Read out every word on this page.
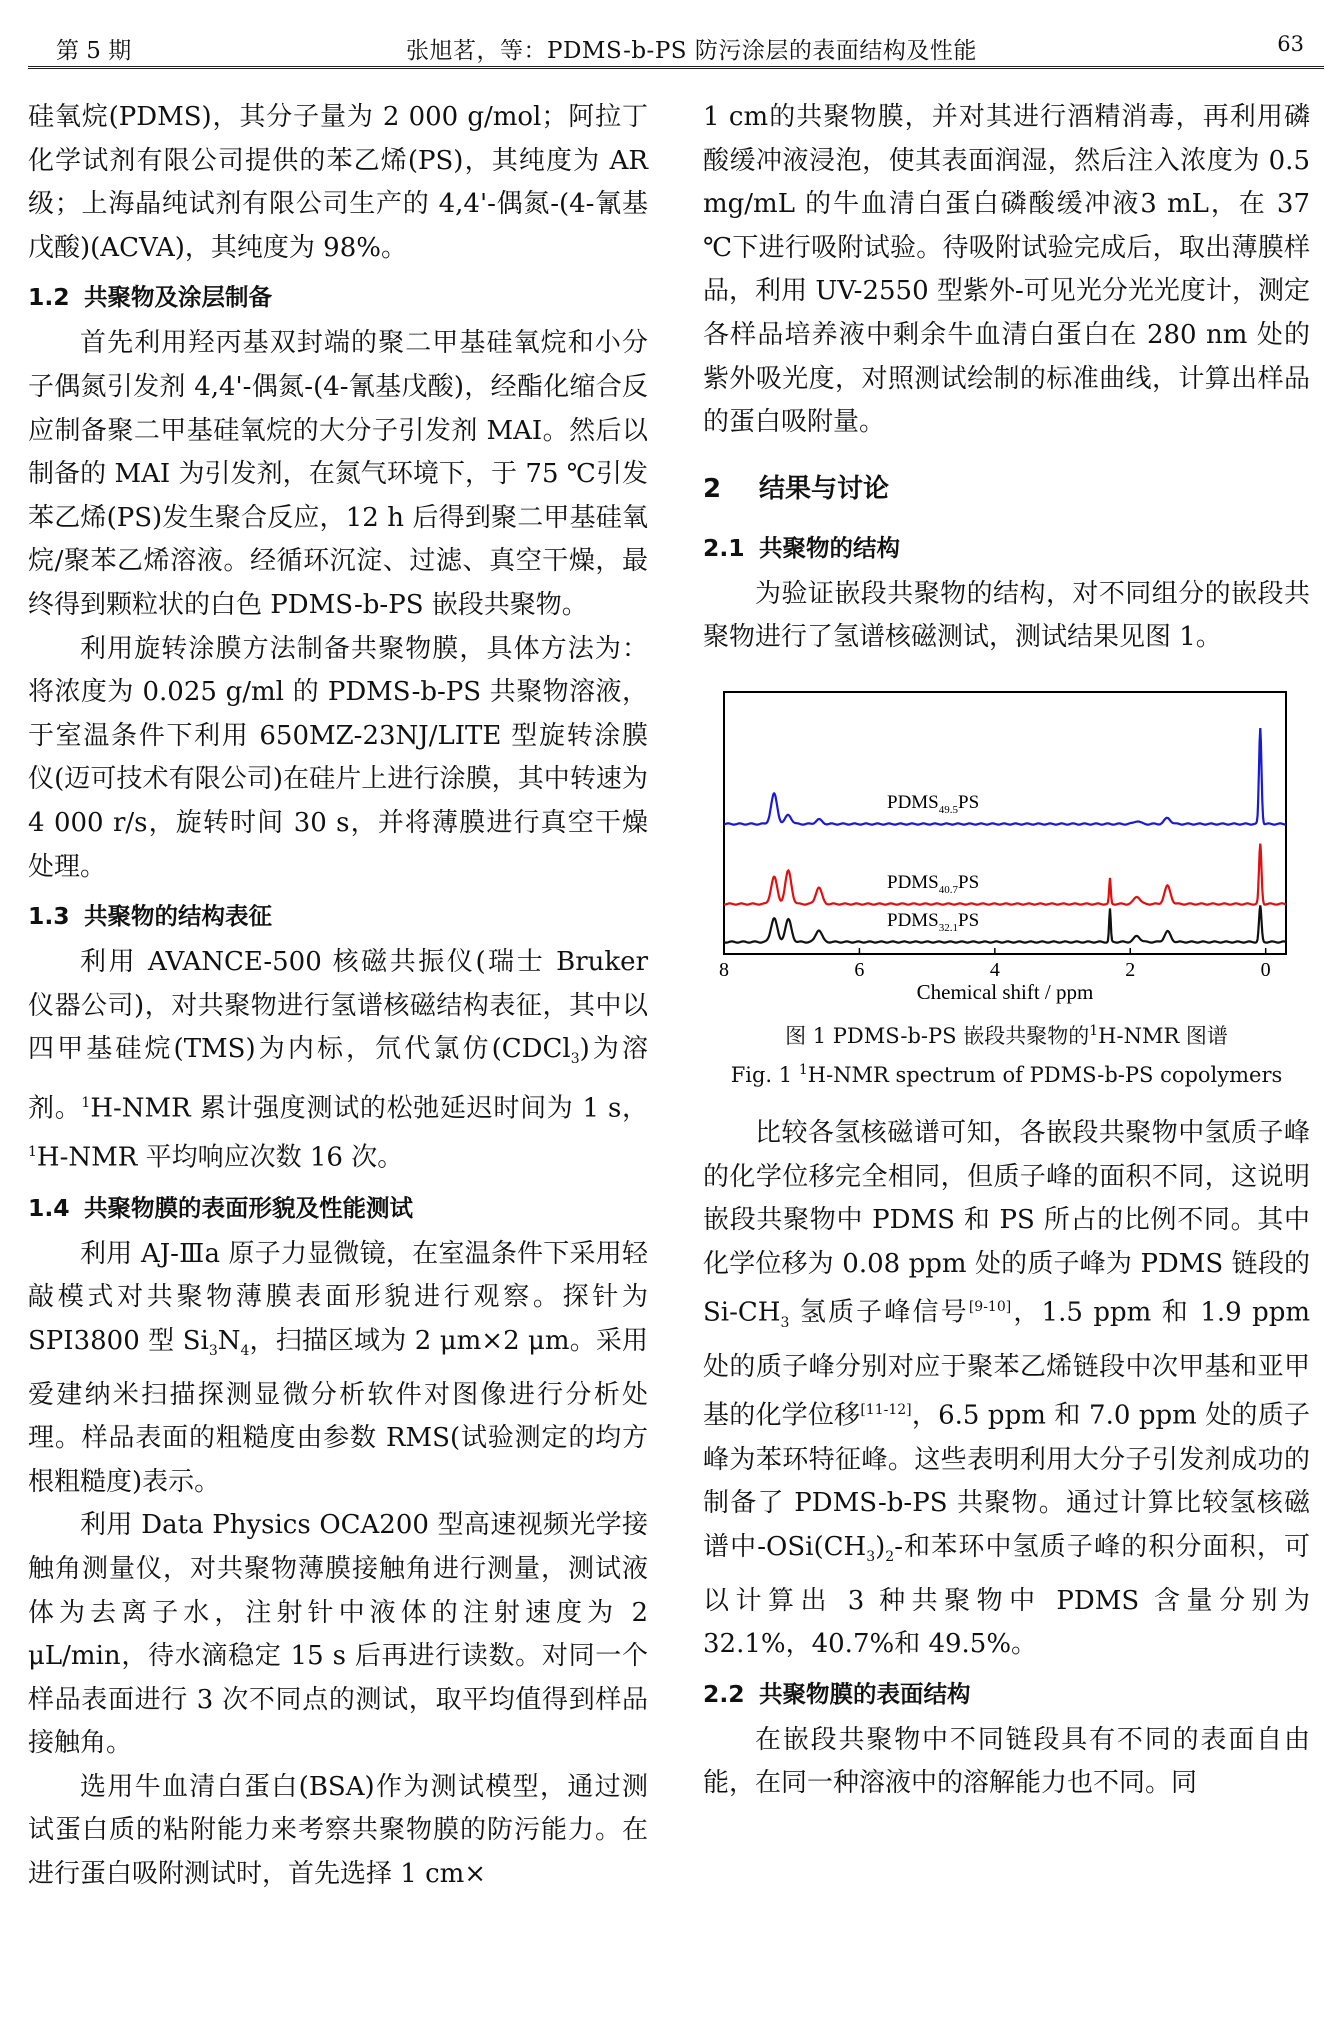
第 5 期	张旭茗，等：PDMS-b-PS 防污涂层的表面结构及性能	63

硅氧烷(PDMS)，其分子量为 2 000 g/mol；阿拉丁化学试剂有限公司提供的苯乙烯(PS)，其纯度为 AR 级；上海晶纯试剂有限公司生产的 4,4'-偶氮-(4-氰基戊酸)(ACVA)，其纯度为 98%。

1.2 共聚物及涂层制备

首先利用羟丙基双封端的聚二甲基硅氧烷和小分子偶氮引发剂 4,4'-偶氮-(4-氰基戊酸)，经酯化缩合反应制备聚二甲基硅氧烷的大分子引发剂 MAI。然后以制备的 MAI 为引发剂，在氮气环境下，于 75 ℃引发苯乙烯(PS)发生聚合反应，12 h 后得到聚二甲基硅氧烷/聚苯乙烯溶液。经循环沉淀、过滤、真空干燥，最终得到颗粒状的白色 PDMS-b-PS 嵌段共聚物。

利用旋转涂膜方法制备共聚物膜，具体方法为：将浓度为 0.025 g/ml 的 PDMS-b-PS 共聚物溶液，于室温条件下利用 650MZ-23NJ/LITE 型旋转涂膜仪(迈可技术有限公司)在硅片上进行涂膜，其中转速为 4 000 r/s，旋转时间 30 s，并将薄膜进行真空干燥处理。

1.3 共聚物的结构表征

利用 AVANCE-500 核磁共振仪(瑞士 Bruker 仪器公司)，对共聚物进行氢谱核磁结构表征，其中以四甲基硅烷(TMS)为内标，氘代氯仿(CDCl$_3$)为溶剂。$^1$H-NMR 累计强度测试的松弛延迟时间为 1 s，$^1$H-NMR 平均响应次数 16 次。

1.4 共聚物膜的表面形貌及性能测试

利用 AJ-Ⅲa 原子力显微镜，在室温条件下采用轻敲模式对共聚物薄膜表面形貌进行观察。探针为 SPI3800 型 $Si_3N_4$，扫描区域为 2 μm×2 μm。采用爱建纳米扫描探测显微分析软件对图像进行分析处理。样品表面的粗糙度由参数 RMS(试验测定的均方根粗糙度)表示。

利用 Data Physics OCA200 型高速视频光学接触角测量仪，对共聚物薄膜接触角进行测量，测试液体为去离子水，注射针中液体的注射速度为 2 μL/min，待水滴稳定 15 s 后再进行读数。对同一个样品表面进行 3 次不同点的测试，取平均值得到样品接触角。

选用牛血清白蛋白(BSA)作为测试模型，通过测试蛋白质的粘附能力来考察共聚物膜的防污能力。在进行蛋白吸附测试时，首先选择 1 cm×

1 cm的共聚物膜，并对其进行酒精消毒，再利用磷酸缓冲液浸泡，使其表面润湿，然后注入浓度为 0.5 mg/mL 的牛血清白蛋白磷酸缓冲液3 mL，在 37 ℃下进行吸附试验。待吸附试验完成后，取出薄膜样品，利用 UV-2550 型紫外-可见光分光光度计，测定各样品培养液中剩余牛血清白蛋白在 280 nm 处的紫外吸光度，对照测试绘制的标准曲线，计算出样品的蛋白吸附量。

2 结果与讨论
2.1 共聚物的结构

为验证嵌段共聚物的结构，对不同组分的嵌段共聚物进行了氢谱核磁测试，测试结果见图 1。

$PDMS_{49.5}PS$
$PDMS_{40.7}PS$
$PDMS_{32.1}PS$
8	6	4	2	0
Chemical shift / ppm

图 1 PDMS-b-PS 嵌段共聚物的$^1$H-NMR 图谱

Fig. 1 $^1$H-NMR spectrum of PDMS-b-PS copolymers

比较各氢核磁谱可知，各嵌段共聚物中氢质子峰的化学位移完全相同，但质子峰的面积不同，这说明嵌段共聚物中 PDMS 和 PS 所占的比例不同。其中化学位移为 0.08 ppm 处的质子峰为 PDMS 链段的 $Si-CH_3$ 氢质子峰信号[9-10]，1.5 ppm 和 1.9 ppm 处的质子峰分别对应于聚苯乙烯链段中次甲基和亚甲基的化学位移[11-12]，6.5 ppm 和 7.0 ppm 处的质子峰为苯环特征峰。这些表明利用大分子引发剂成功的制备了 PDMS-b-PS 共聚物。通过计算比较氢核磁谱中$-OSi(CH_3)_2-$和苯环中氢质子峰的积分面积，可以计算出 3 种共聚物中 PDMS 含量分别为 32.1%，40.7%和 49.5%。

2.2 共聚物膜的表面结构

在嵌段共聚物中不同链段具有不同的表面自由能，在同一种溶液中的溶解能力也不同。同
